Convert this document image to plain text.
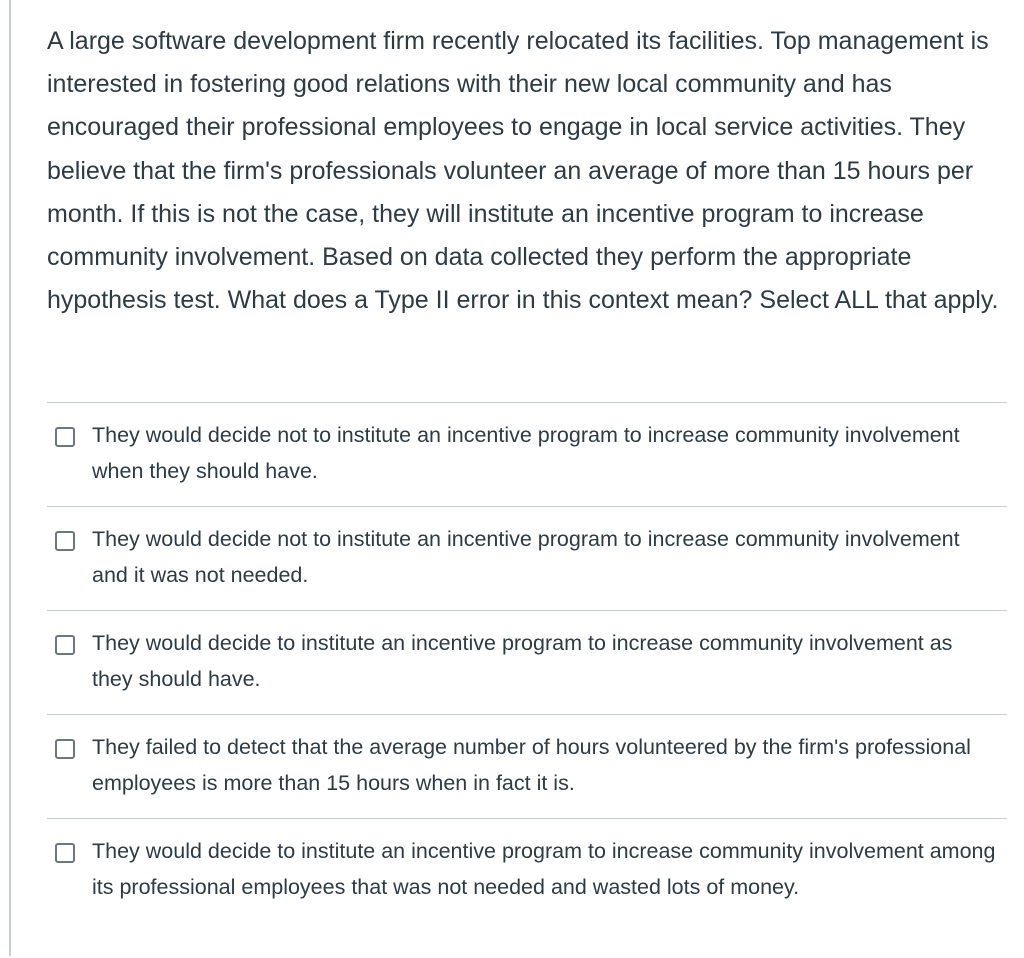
A large software development firm recently relocated its facilities. Top management is interested in fostering good relations with their new local community and has encouraged their professional employees to engage in local service activities. They believe that the firm's professionals volunteer an average of more than 15 hours per month. If this is not the case, they will institute an incentive program to increase community involvement. Based on data collected they perform the appropriate hypothesis test. What does a Type II error in this context mean? Select ALL that apply.

They would decide not to institute an incentive program to increase community involvement when they should have.
They would decide not to institute an incentive program to increase community involvement and it was not needed.
They would decide to institute an incentive program to increase community involvement as they should have.
They failed to detect that the average number of hours volunteered by the firm's professional employees is more than 15 hours when in fact it is.
They would decide to institute an incentive program to increase community involvement among its professional employees that was not needed and wasted lots of money.
